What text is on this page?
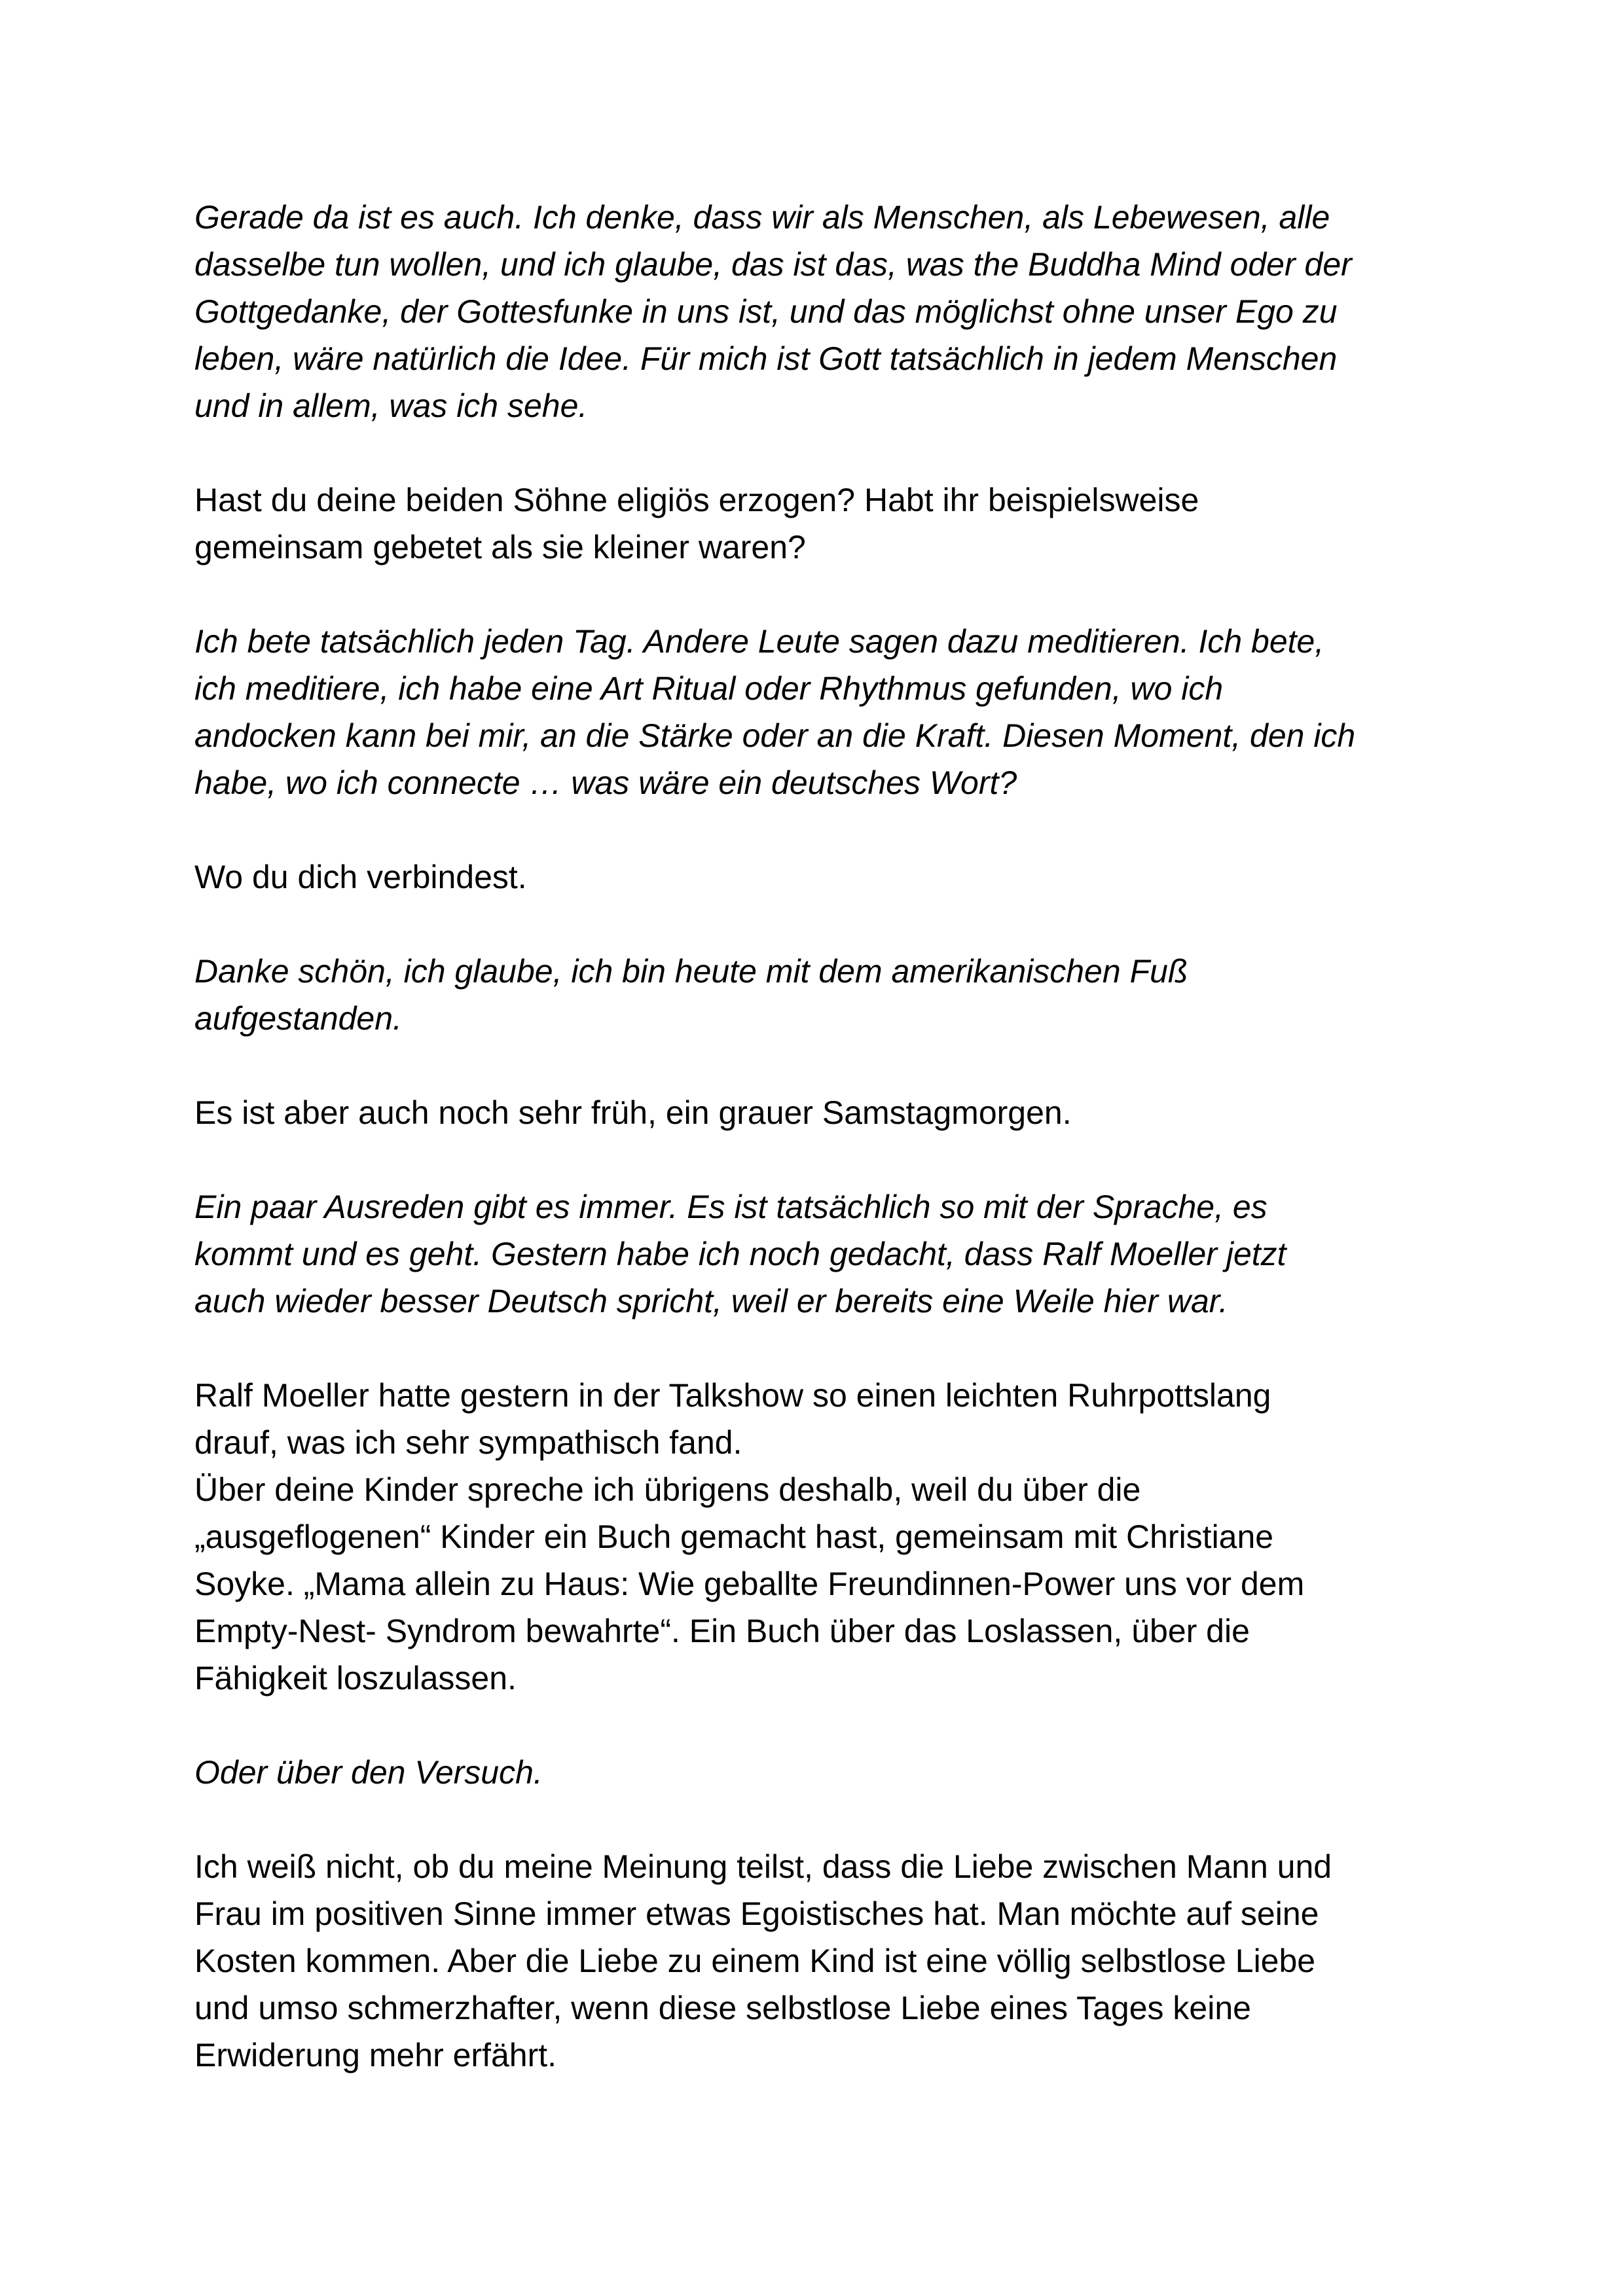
Gerade da ist es auch. Ich denke, dass wir als Menschen, als Lebewesen, alle
dasselbe tun wollen, und ich glaube, das ist das, was the Buddha Mind oder der
Gottgedanke, der Gottesfunke in uns ist, und das möglichst ohne unser Ego zu
leben, wäre natürlich die Idee. Für mich ist Gott tatsächlich in jedem Menschen
und in allem, was ich sehe.

Hast du deine beiden Söhne eligiös erzogen? Habt ihr beispielsweise
gemeinsam gebetet als sie kleiner waren?

Ich bete tatsächlich jeden Tag. Andere Leute sagen dazu meditieren. Ich bete,
ich meditiere, ich habe eine Art Ritual oder Rhythmus gefunden, wo ich
andocken kann bei mir, an die Stärke oder an die Kraft. Diesen Moment, den ich
habe, wo ich connecte … was wäre ein deutsches Wort?

Wo du dich verbindest.

Danke schön, ich glaube, ich bin heute mit dem amerikanischen Fuß
aufgestanden.

Es ist aber auch noch sehr früh, ein grauer Samstagmorgen.

Ein paar Ausreden gibt es immer. Es ist tatsächlich so mit der Sprache, es
kommt und es geht. Gestern habe ich noch gedacht, dass Ralf Moeller jetzt
auch wieder besser Deutsch spricht, weil er bereits eine Weile hier war.

Ralf Moeller hatte gestern in der Talkshow so einen leichten Ruhrpottslang
drauf, was ich sehr sympathisch fand.

Über deine Kinder spreche ich übrigens deshalb, weil du über die
„ausgeflogenen“ Kinder ein Buch gemacht hast, gemeinsam mit Christiane
Soyke. „Mama allein zu Haus: Wie geballte Freundinnen-Power uns vor dem
Empty-Nest- Syndrom bewahrte“. Ein Buch über das Loslassen, über die
Fähigkeit loszulassen.

Oder über den Versuch.

Ich weiß nicht, ob du meine Meinung teilst, dass die Liebe zwischen Mann und
Frau im positiven Sinne immer etwas Egoistisches hat. Man möchte auf seine
Kosten kommen. Aber die Liebe zu einem Kind ist eine völlig selbstlose Liebe
und umso schmerzhafter, wenn diese selbstlose Liebe eines Tages keine
Erwiderung mehr erfährt.
